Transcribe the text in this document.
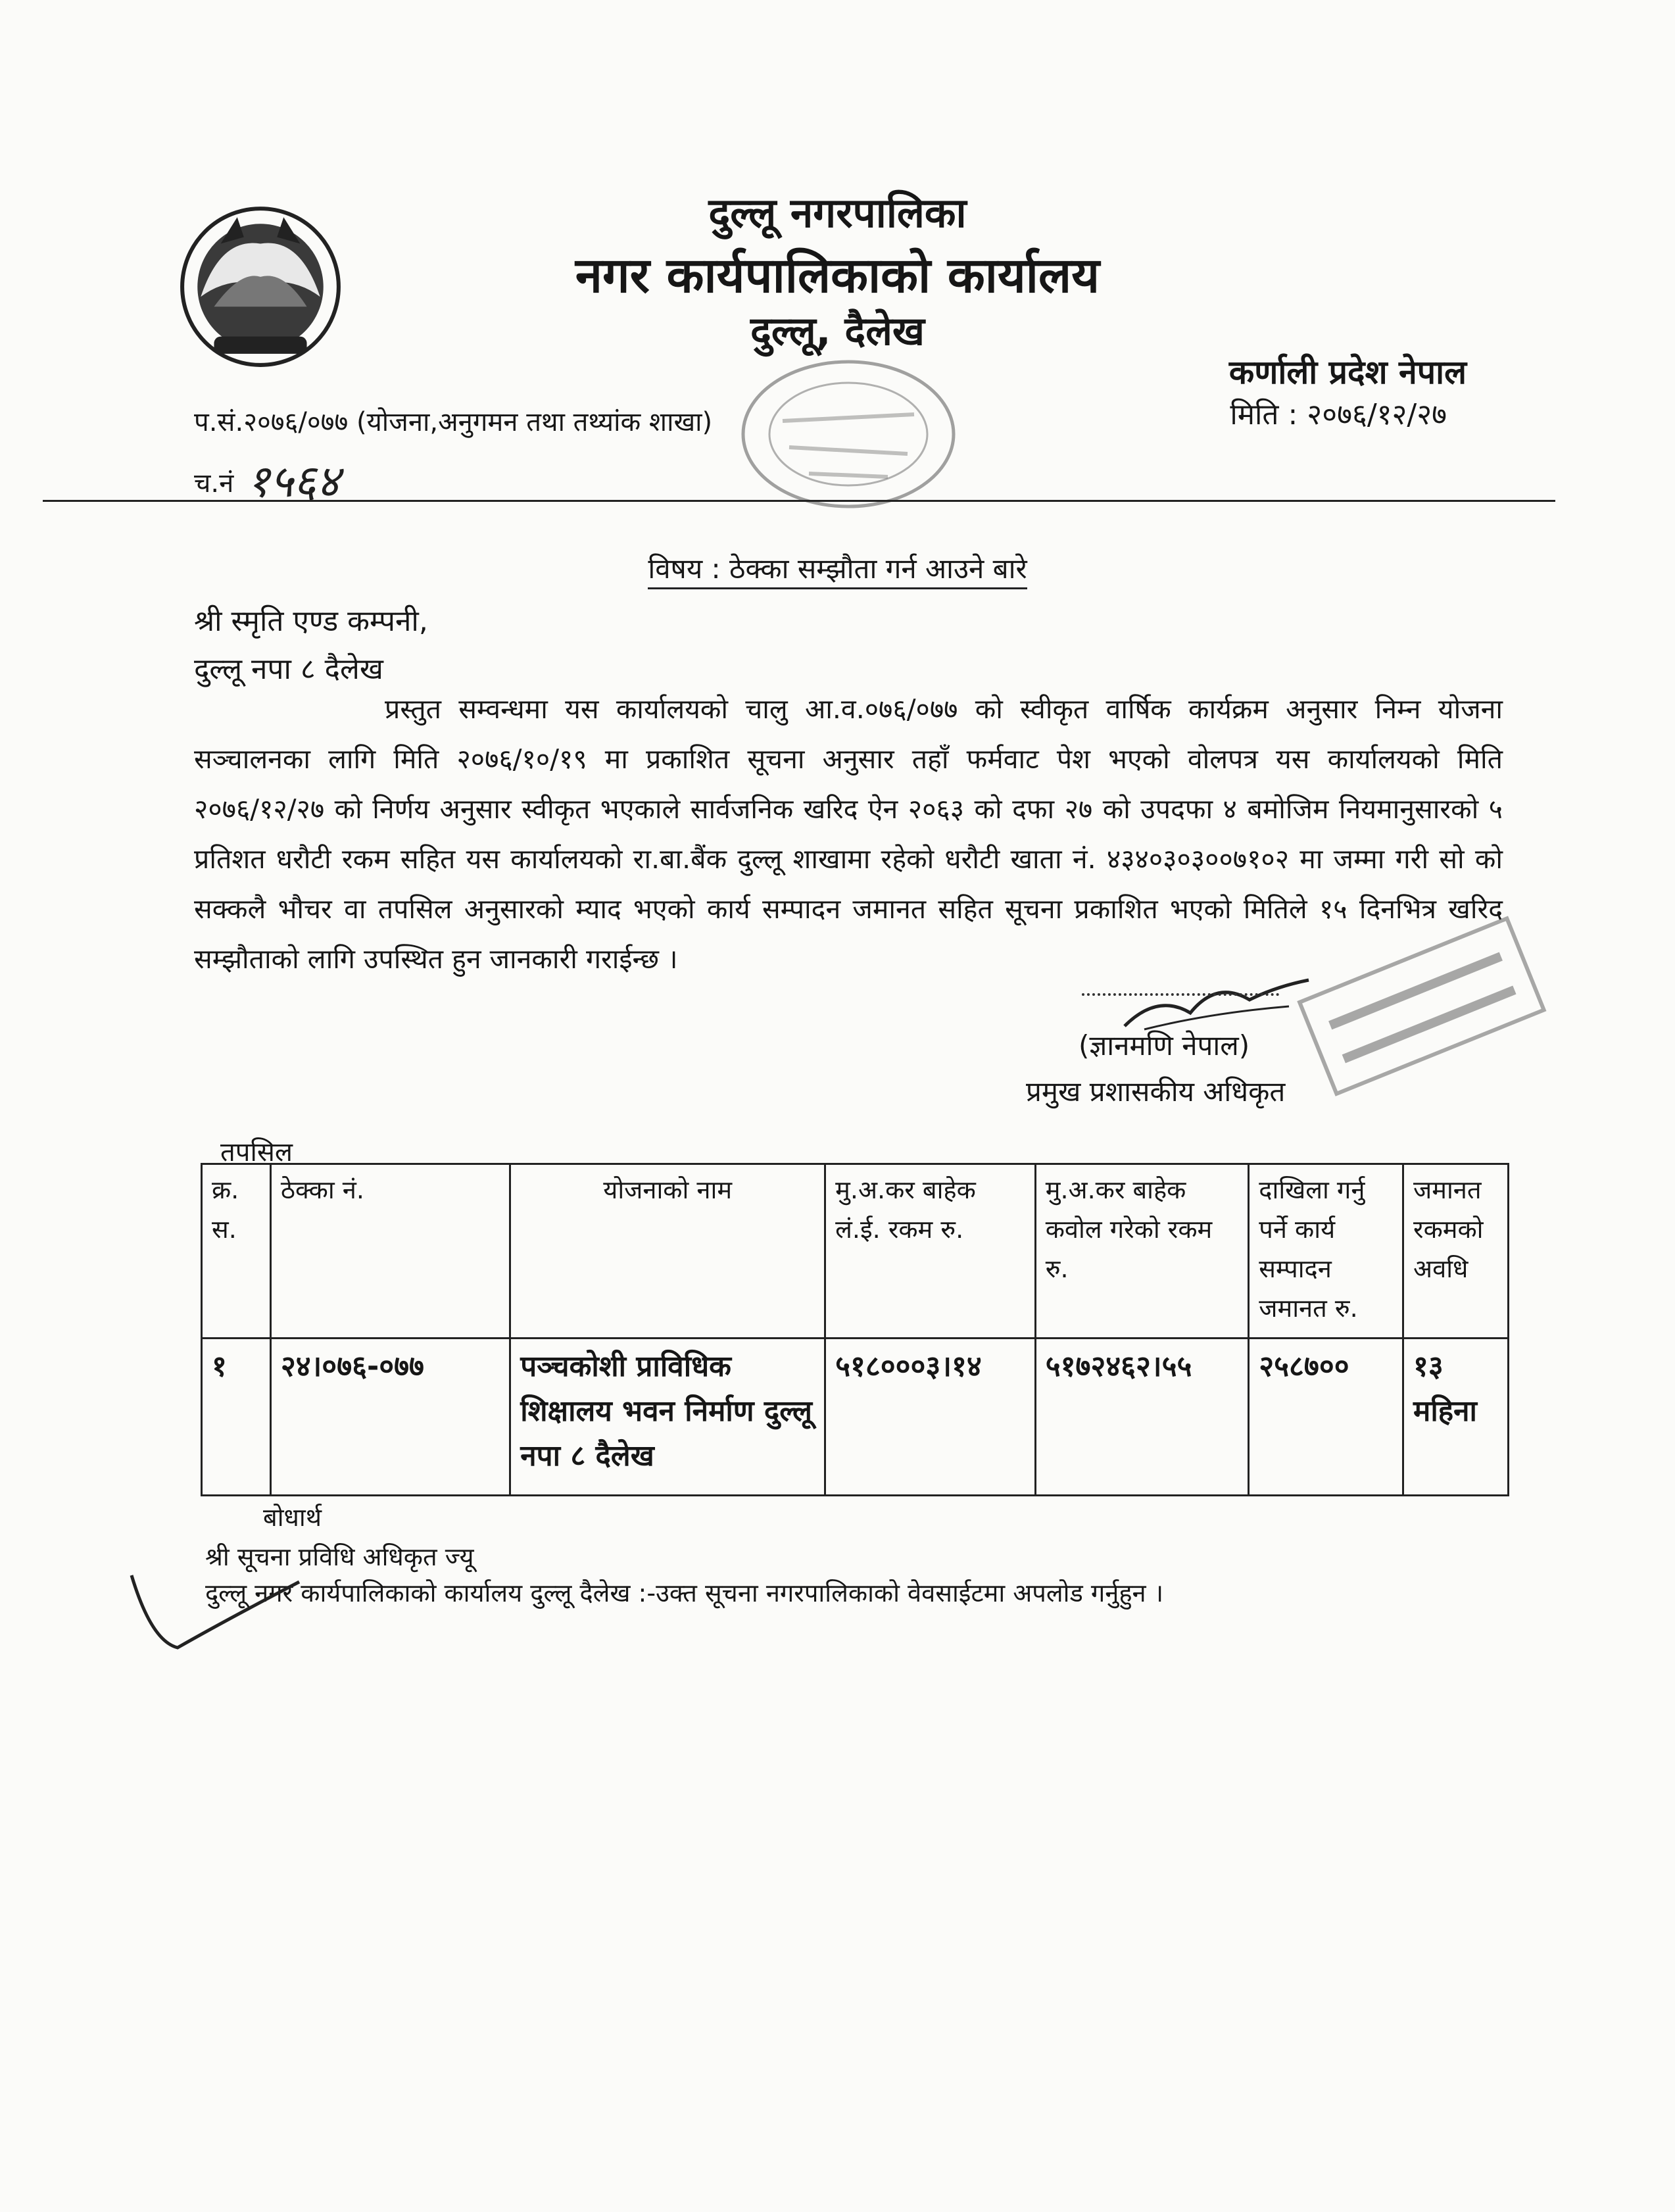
दुल्लू नगरपालिका
नगर कार्यपालिकाको कार्यालय
दुल्लू, दैलेख
कर्णाली प्रदेश नेपाल
मिति : २०७६/१२/२७
प.सं.२०७६/०७७ (योजना,अनुगमन तथा तथ्यांक शाखा)
च.नं १५६४
विषय : ठेक्का सम्झौता गर्न आउने बारे
श्री स्मृति एण्ड कम्पनी,
दुल्लू नपा ८ दैलेख
प्रस्तुत सम्वन्धमा यस कार्यालयको चालु आ.व.०७६/०७७ को स्वीकृत वार्षिक कार्यक्रम अनुसार निम्न योजना सञ्चालनका लागि मिति २०७६/१०/१९ मा प्रकाशित सूचना अनुसार तहाँ फर्मवाट पेश भएको वोलपत्र यस कार्यालयको मिति २०७६/१२/२७ को निर्णय अनुसार स्वीकृत भएकाले सार्वजनिक खरिद ऐन २०६३ को दफा २७ को उपदफा ४ बमोजिम नियमानुसारको ५ प्रतिशत धरौटी रकम सहित यस कार्यालयको रा.बा.बैंक दुल्लू शाखामा रहेको धरौटी खाता नं. ४३४०३०३००७१०२ मा जम्मा गरी सो को सक्कलै भौचर वा तपसिल अनुसारको म्याद भएको कार्य सम्पादन जमानत सहित सूचना प्रकाशित भएको मितिले १५ दिनभित्र खरिद सम्झौताको लागि उपस्थित हुन जानकारी गराईन्छ ।
(ज्ञानमणि नेपाल)
प्रमुख प्रशासकीय अधिकृत
तपसिल
क्र. स.	ठेक्का नं.	योजनाको नाम	मु.अ.कर बाहेक लं.ई. रकम रु.	मु.अ.कर बाहेक कवोल गरेको रकम रु.	दाखिला गर्नु पर्ने कार्य सम्पादन जमानत रु.	जमानत रकमको अवधि
१	२४।०७६-०७७	पञ्चकोशी प्राविधिक शिक्षालय भवन निर्माण दुल्लू नपा ८ दैलेख	५१८०००३।१४	५१७२४६२।५५	२५८७००	१३ महिना
बोधार्थ
श्री सूचना प्रविधि अधिकृत ज्यू
दुल्लू नगर कार्यपालिकाको कार्यालय दुल्लू दैलेख :-उक्त सूचना नगरपालिकाको वेवसाईटमा अपलोड गर्नुहुन ।
